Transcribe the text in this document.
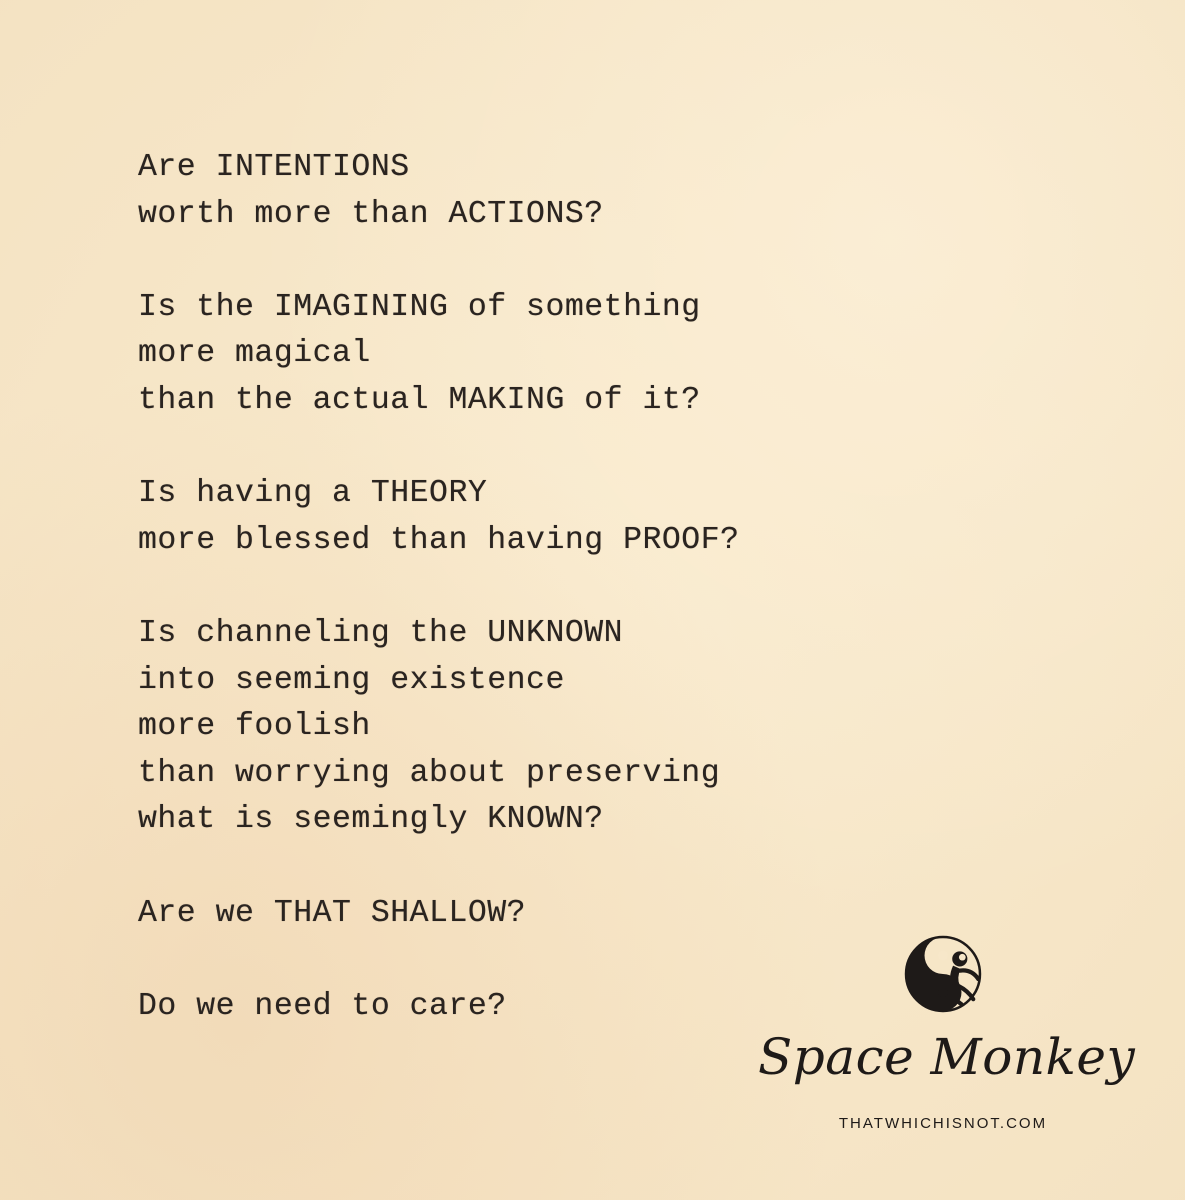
Are INTENTIONS
worth more than ACTIONS?
Is the IMAGINING of something
more magical
than the actual MAKING of it?
Is having a THEORY
more blessed than having PROOF?
Is channeling the UNKNOWN
into seeming existence
more foolish
than worrying about preserving
what is seemingly KNOWN?
Are we THAT SHALLOW?
Do we need to care?
Space Monkey
THATWHICHISNOT.COM
